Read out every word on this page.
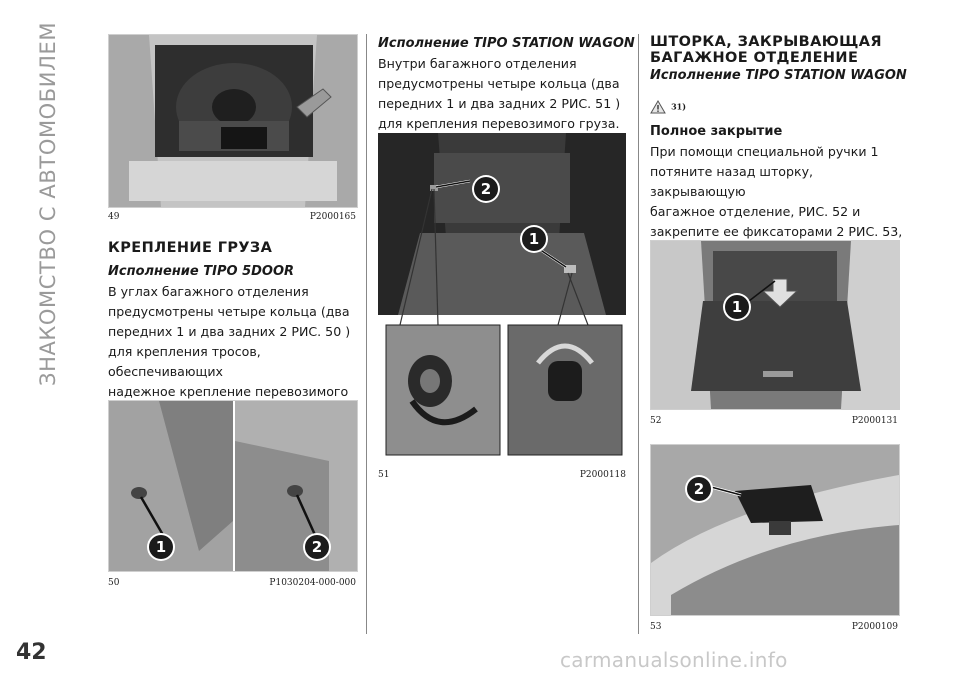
ЗНАКОМСТВО С АВТОМОБИЛЕМ
42
49	P2000165
КРЕПЛЕНИЕ ГРУЗА
Исполнение TIPO 5DOOR
В углах багажного отделения
предусмотрены четыре кольца (два
передних 1 и два задних 2 РИС. 50 )
для крепления тросов, обеспечивающих
надежное крепление перевозимого
1	2
50	P1030204-000-000
Исполнение TIPO STATION WAGON
Внутри багажного отделения
предусмотрены четыре кольца (два
передних 1 и два задних 2 РИС. 51 )
для крепления перевозимого груза.
2
1
51	P2000118
ШТОРКА, ЗАКРЫВАЮЩАЯ
БАГАЖНОЕ ОТДЕЛЕНИЕ
Исполнение TIPO STATION WAGON
31)
Полное закрытие
При помощи специальной ручки 1
потяните назад шторку, закрывающую
багажное отделение, РИС. 52 и
закрепите ее фиксаторами 2 РИС. 53,
1
52	P2000131
2
53	P2000109
carmanualsonline.info
